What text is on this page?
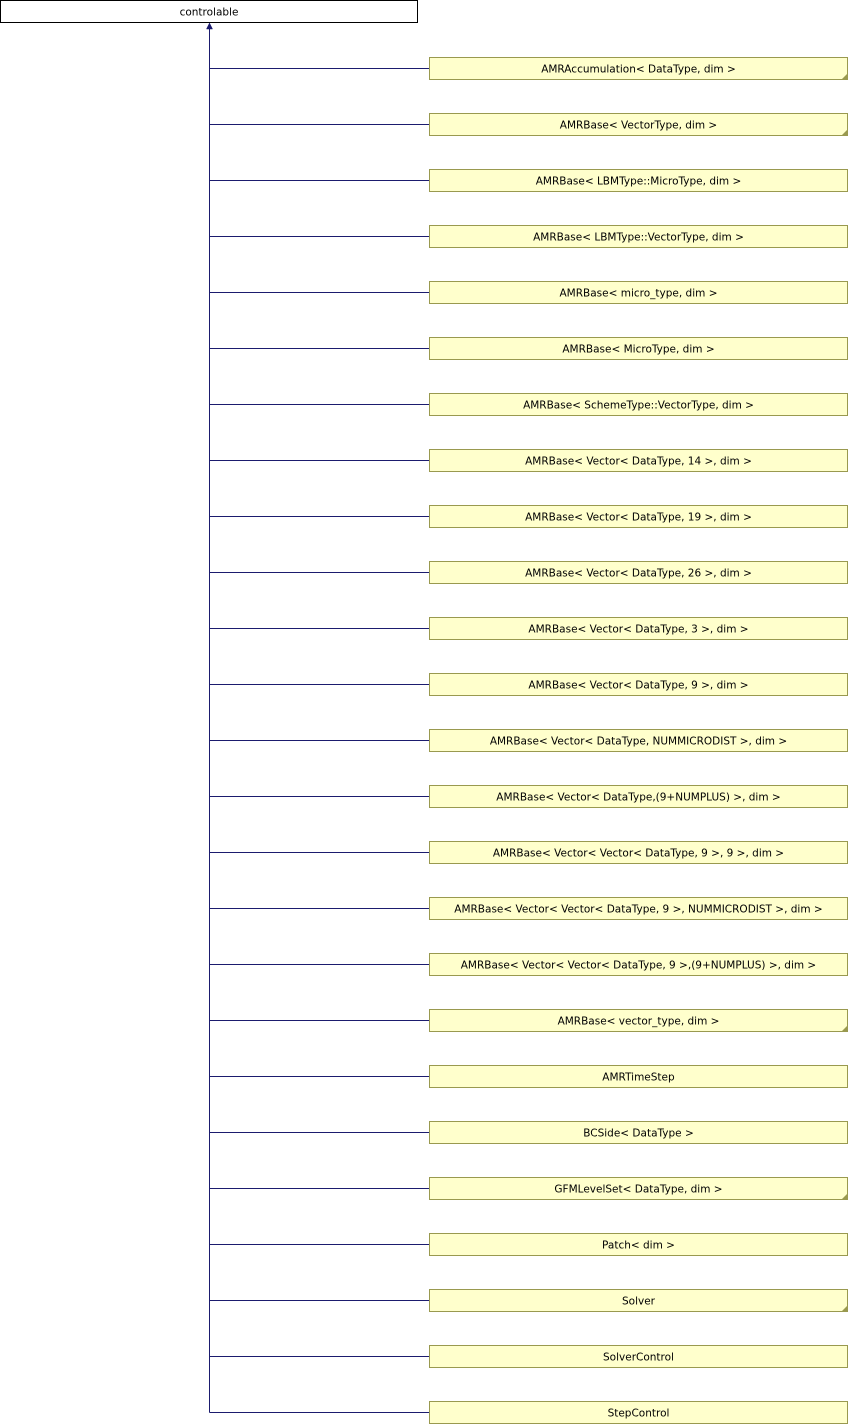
controlable
AMRAccumulation< DataType, dim >
AMRBase< VectorType, dim >
AMRBase< LBMType::MicroType, dim >
AMRBase< LBMType::VectorType, dim >
AMRBase< micro_type, dim >
AMRBase< MicroType, dim >
AMRBase< SchemeType::VectorType, dim >
AMRBase< Vector< DataType, 14 >, dim >
AMRBase< Vector< DataType, 19 >, dim >
AMRBase< Vector< DataType, 26 >, dim >
AMRBase< Vector< DataType, 3 >, dim >
AMRBase< Vector< DataType, 9 >, dim >
AMRBase< Vector< DataType, NUMMICRODIST >, dim >
AMRBase< Vector< DataType,(9+NUMPLUS) >, dim >
AMRBase< Vector< Vector< DataType, 9 >, 9 >, dim >
AMRBase< Vector< Vector< DataType, 9 >, NUMMICRODIST >, dim >
AMRBase< Vector< Vector< DataType, 9 >,(9+NUMPLUS) >, dim >
AMRBase< vector_type, dim >
AMRTimeStep
BCSide< DataType >
GFMLevelSet< DataType, dim >
Patch< dim >
Solver
SolverControl
StepControl
